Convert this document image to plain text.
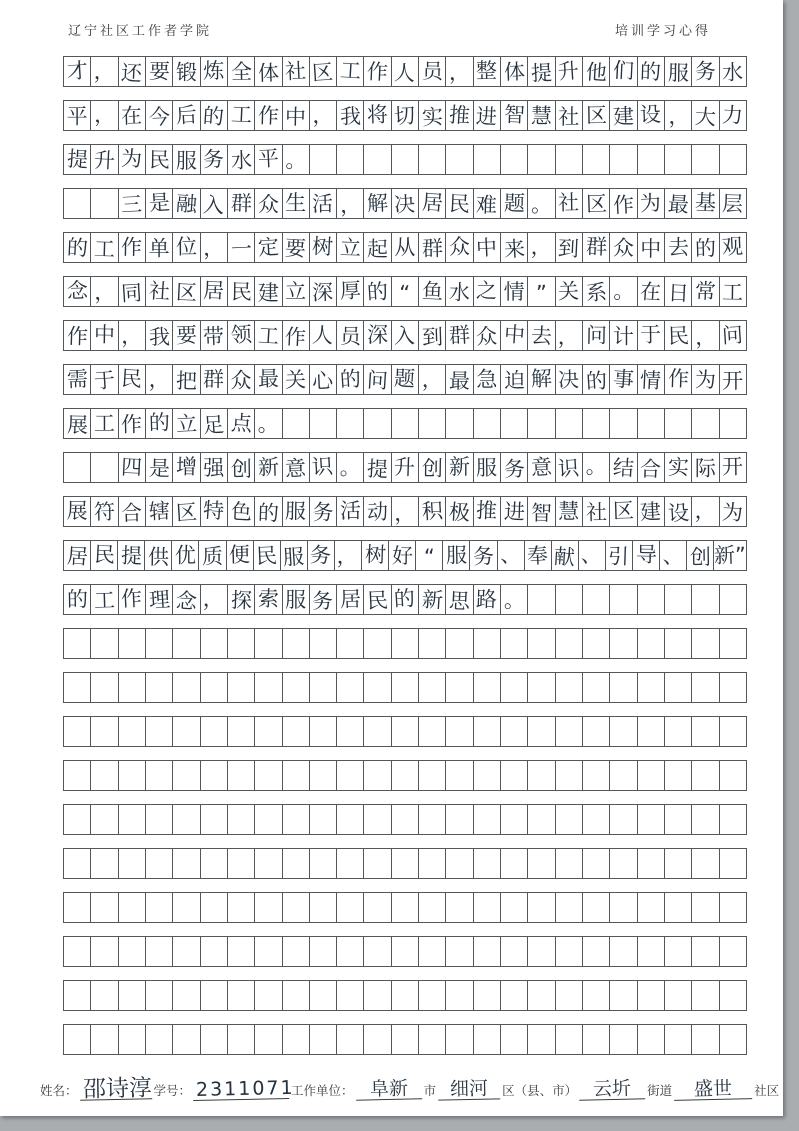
辽宁社区工作者学院	培训学习心得
才 ， 还 要 锻 炼 全 体 社 区 工 作 人 员 ， 整 体 提 升 他 们 的 服 务 水
平 ， 在 今 后 的 工 作 中 ， 我 将 切 实 推 进 智 慧 社 区 建 设 ， 大 力
提 升 为 民 服 务 水 平 。
三 是 融 入 群 众 生 活 ， 解 决 居 民 难 题 。 社 区 作 为 最 基 层
的 工 作 单 位 ， 一 定 要 树 立 起 从 群 众 中 来 ， 到 群 众 中 去 的 观
念 ， 同 社 区 居 民 建 立 深 厚 的 “ 鱼 水 之 情 ” 关 系 。 在 日 常 工
作 中 ， 我 要 带 领 工 作 人 员 深 入 到 群 众 中 去 ， 问 计 于 民 ， 问
需 于 民 ， 把 群 众 最 关 心 的 问 题 ， 最 急 迫 解 决 的 事 情 作 为 开
展 工 作 的 立 足 点 。
四 是 增 强 创 新 意 识 。 提 升 创 新 服 务 意 识 。 结 合 实 际 开
展 符 合 辖 区 特 色 的 服 务 活 动 ， 积 极 推 进 智 慧 社 区 建 设 ， 为
居 民 提 供 优 质 便 民 服 务 ， 树 好 “ 服 务 、 奉 献 、 引 导 、 创 新”
的 工 作 理 念 ， 探 索 服 务 居 民 的 新 思 路 。
姓名： 邵诗淳 学号： 2311071
工作单位： 阜新	市 细河	区（县、市） 云圻	街道	盛世	社区
